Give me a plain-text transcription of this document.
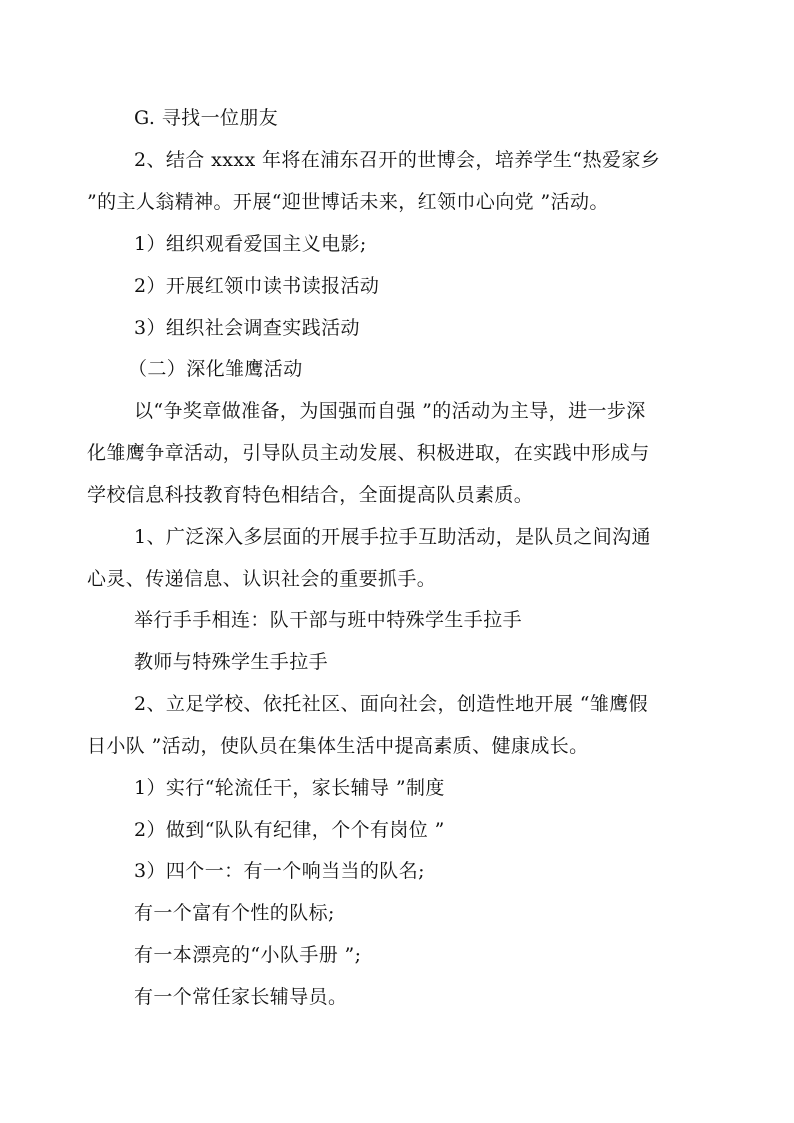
G. 寻找一位朋友
2、结合 xxxx 年将在浦东召开的世博会，培养学生“热爱家乡
”的主人翁精神。开展“迎世博话未来，红领巾心向党 ”活动。
1）组织观看爱国主义电影;
2）开展红领巾读书读报活动
3）组织社会调查实践活动
（二）深化雏鹰活动
以“争奖章做准备，为国强而自强 ”的活动为主导，进一步深
化雏鹰争章活动，引导队员主动发展、积极进取，在实践中形成与
学校信息科技教育特色相结合，全面提高队员素质。
1、广泛深入多层面的开展手拉手互助活动，是队员之间沟通
心灵、传递信息、认识社会的重要抓手。
举行手手相连：队干部与班中特殊学生手拉手
教师与特殊学生手拉手
2、立足学校、依托社区、面向社会，创造性地开展 “雏鹰假
日小队 ”活动，使队员在集体生活中提高素质、健康成长。
1）实行“轮流任干，家长辅导 ”制度
2）做到“队队有纪律，个个有岗位 ”
3）四个一：有一个响当当的队名;
有一个富有个性的队标;
有一本漂亮的“小队手册 ”;
有一个常任家长辅导员。
